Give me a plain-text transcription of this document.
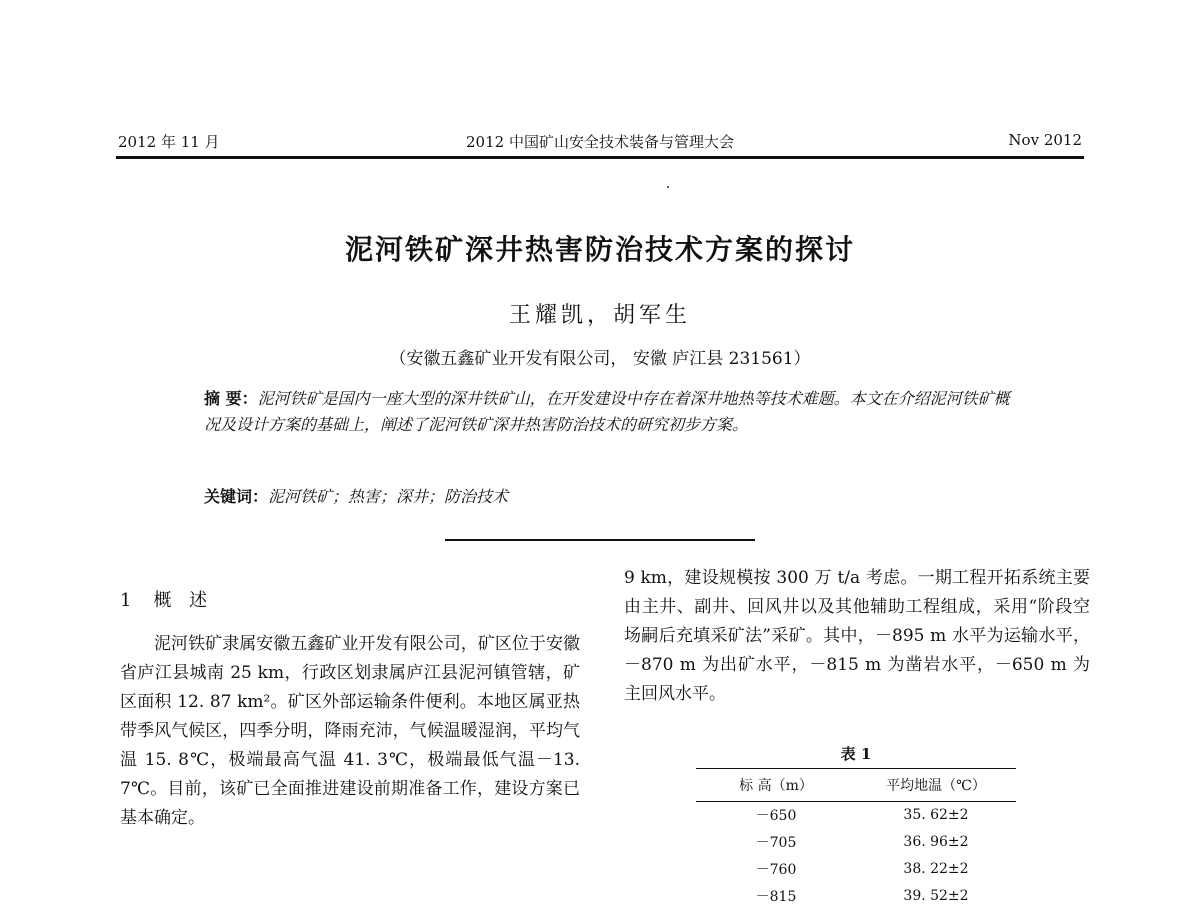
2012 年 11 月	2012 中国矿山安全技术装备与管理大会	Nov 2012
泥河铁矿深井热害防治技术方案的探讨
王耀凯，胡军生
（安徽五鑫矿业开发有限公司， 安徽 庐江县 231561）
摘 要：泥河铁矿是国内一座大型的深井铁矿山，在开发建设中存在着深井地热等技术难题。本文在介绍泥河铁矿概况及设计方案的基础上，阐述了泥河铁矿深井热害防治技术的研究初步方案。
关键词：泥河铁矿；热害；深井；防治技术
1 概 述
泥河铁矿隶属安徽五鑫矿业开发有限公司，矿区位于安徽省庐江县城南 25 km，行政区划隶属庐江县泥河镇管辖，矿区面积 12. 87 km²。矿区外部运输条件便利。本地区属亚热带季风气候区，四季分明，降雨充沛，气候温暖湿润，平均气温 15. 8℃，极端最高气温 41. 3℃，极端最低气温－13. 7℃。目前，该矿已全面推进建设前期准备工作，建设方案已基本确定。
9 km，建设规模按 300 万 t/a 考虑。一期工程开拓系统主要由主井、副井、回风井以及其他辅助工程组成，采用“阶段空场嗣后充填采矿法”采矿。其中，－895 m 水平为运输水平，－870 m 为出矿水平，－815 m 为凿岩水平，－650 m 为主回风水平。
表 1
标 高（m）	平均地温（℃）
－650	35. 62±2
－705	36. 96±2
－760	38. 22±2
－815	39. 52±2
